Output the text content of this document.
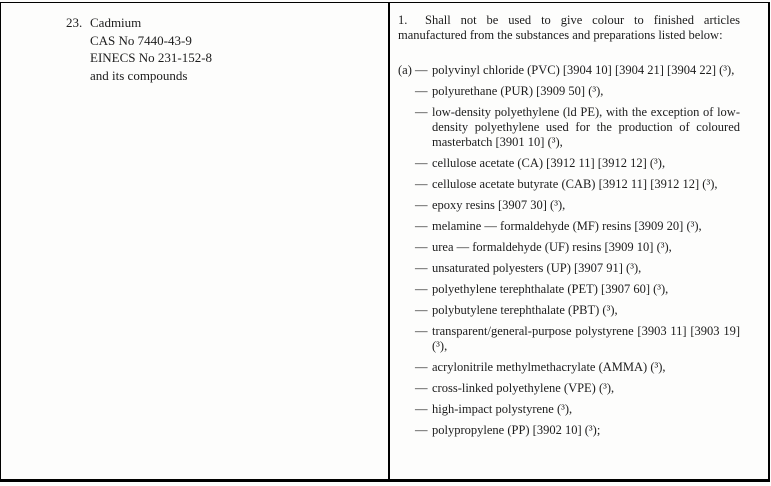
23. Cadmium
CAS No 7440-43-9
EINECS No 231-152-8
and its compounds

1. Shall not be used to give colour to finished articles manufactured from the substances and preparations listed below:

(a) — polyvinyl chloride (PVC) [3904 10] [3904 21] [3904 22] (³),
— polyurethane (PUR) [3909 50] (³),
— low-density polyethylene (ld PE), with the exception of low-density polyethylene used for the production of coloured masterbatch [3901 10] (³),
— cellulose acetate (CA) [3912 11] [3912 12] (³),
— cellulose acetate butyrate (CAB) [3912 11] [3912 12] (³),
— epoxy resins [3907 30] (³),
— melamine — formaldehyde (MF) resins [3909 20] (³),
— urea — formaldehyde (UF) resins [3909 10] (³),
— unsaturated polyesters (UP) [3907 91] (³),
— polyethylene terephthalate (PET) [3907 60] (³),
— polybutylene terephthalate (PBT) (³),
— transparent/general-purpose polystyrene [3903 11] [3903 19] (³),
— acrylonitrile methylmethacrylate (AMMA) (³),
— cross-linked polyethylene (VPE) (³),
— high-impact polystyrene (³),
— polypropylene (PP) [3902 10] (³);
